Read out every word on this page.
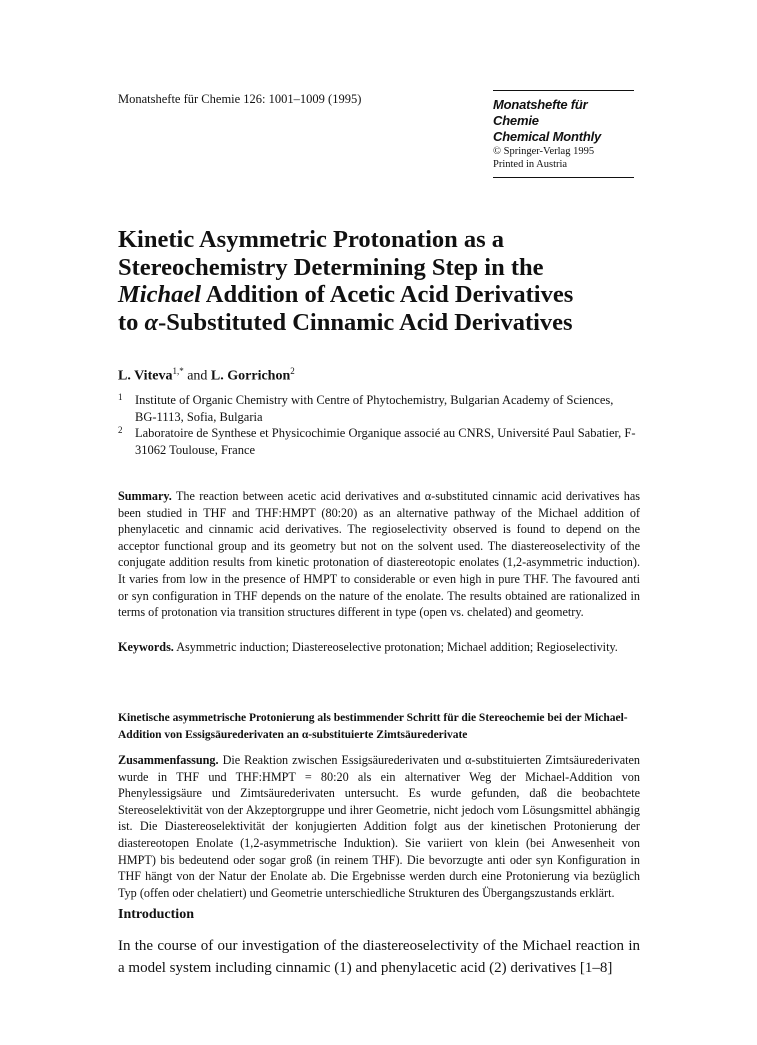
Monatshefte für Chemie 126: 1001–1009 (1995)	Monatshefte für Chemie
Chemical Monthly
© Springer-Verlag 1995
Printed in Austria
Kinetic Asymmetric Protonation as a
Stereochemistry Determining Step in the
Michael Addition of Acetic Acid Derivatives
to α-Substituted Cinnamic Acid Derivatives
L. Viteva$^{1,*}$ and L. Gorrichon$^2$
1	Institute of Organic Chemistry with Centre of Phytochemistry, Bulgarian Academy of Sciences, BG-1113, Sofia, Bulgaria
2	Laboratoire de Synthese et Physicochimie Organique associé au CNRS, Université Paul Sabatier, F-31062 Toulouse, France
Summary. The reaction between acetic acid derivatives and α-substituted cinnamic acid derivatives has been studied in THF and THF:HMPT (80:20) as an alternative pathway of the Michael addition of phenylacetic and cinnamic acid derivatives. The regioselectivity observed is found to depend on the acceptor functional group and its geometry but not on the solvent used. The diastereoselectivity of the conjugate addition results from kinetic protonation of diastereotopic enolates (1,2-asymmetric induction). It varies from low in the presence of HMPT to considerable or even high in pure THF. The favoured anti or syn configuration in THF depends on the nature of the enolate. The results obtained are rationalized in terms of protonation via transition structures different in type (open vs. chelated) and geometry.
Keywords. Asymmetric induction; Diastereoselective protonation; Michael addition; Regioselectivity.
Kinetische asymmetrische Protonierung als bestimmender Schritt für die Stereochemie bei der Michael-Addition von Essigsäurederivaten an α-substituierte Zimtsäurederivate
Zusammenfassung. Die Reaktion zwischen Essigsäurederivaten und α-substituierten Zimtsäurederivaten wurde in THF und THF:HMPT = 80:20 als ein alternativer Weg der Michael-Addition von Phenylessigsäure und Zimtsäurederivaten untersucht. Es wurde gefunden, daß die beobachtete Stereoselektivität von der Akzeptorgruppe und ihrer Geometrie, nicht jedoch vom Lösungsmittel abhängig ist. Die Diastereoselektivität der konjugierten Addition folgt aus der kinetischen Protonierung der diastereotopen Enolate (1,2-asymmetrische Induktion). Sie variiert von klein (bei Anwesenheit von HMPT) bis bedeutend oder sogar groß (in reinem THF). Die bevorzugte anti oder syn Konfiguration in THF hängt von der Natur der Enolate ab. Die Ergebnisse werden durch eine Protonierung via bezüglich Typ (offen oder chelatiert) und Geometrie unterschiedliche Strukturen des Übergangszustands erklärt.
Introduction
In the course of our investigation of the diastereoselectivity of the Michael reaction in a model system including cinnamic (1) and phenylacetic acid (2) derivatives [1–8]
